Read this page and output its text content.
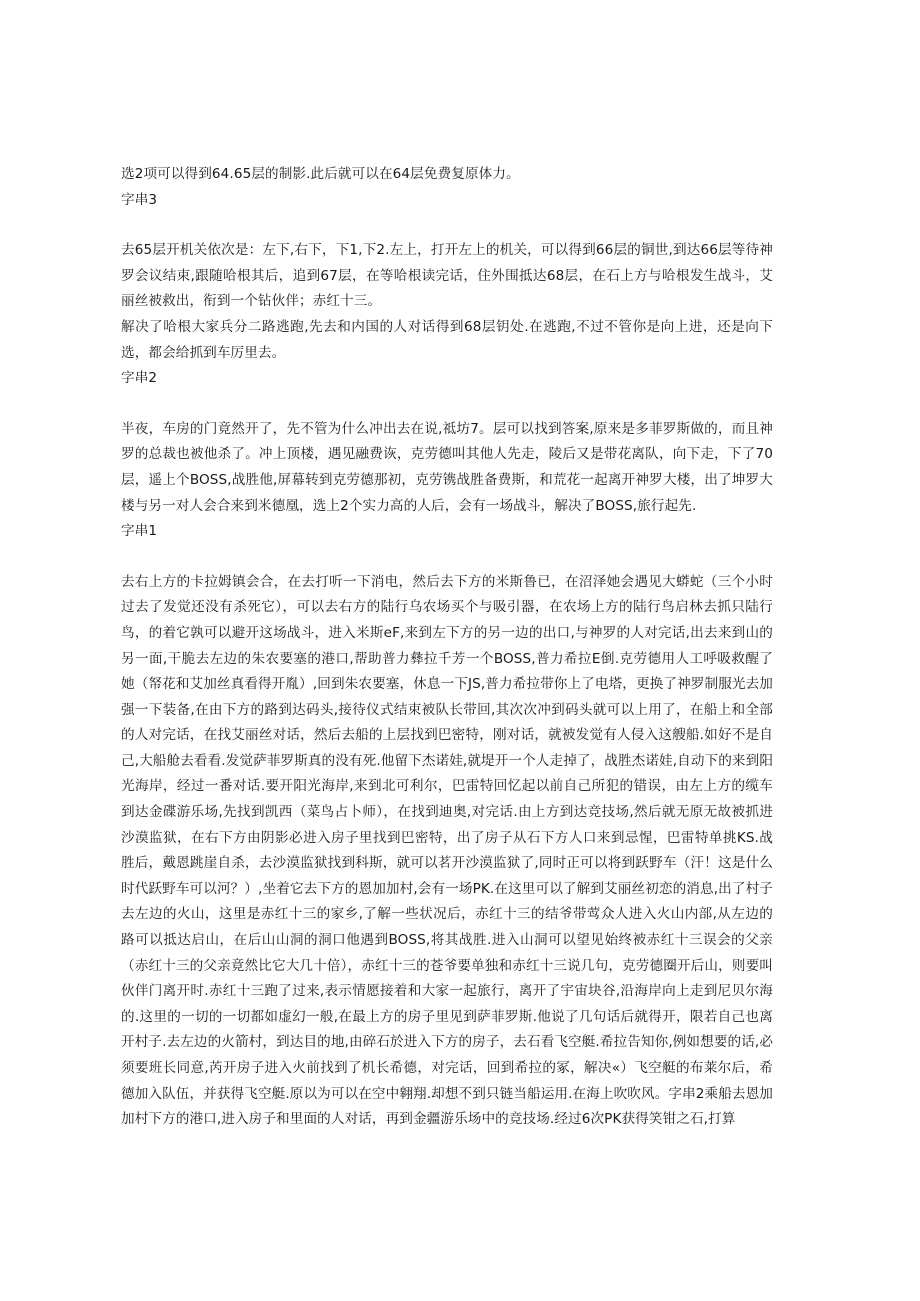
选2项可以得到64.65层的制影.此后就可以在64层免费复原体力。

字串3

去65层开机关依次是：左下,右下，下1,下2.左上，打开左上的机关，可以得到66层的铜世,到达66层等待神罗会议结束,跟随哈根其后，追到67层，在等哈根读完话，住外围抵达68层，在石上方与哈根发生战斗，艾丽丝被救出，衔到一个钻伙伴；赤红十三。

解决了哈根大家兵分二路逃跑,先去和内国的人对话得到68层钥处.在逃跑,不过不管你是向上进，还是向下选，都会给抓到车厉里去。

字串2

半夜，车房的门竟然开了，先不管为什么冲出去在说,祗坊7。层可以找到答案,原来是多菲罗斯做的，而且神罗的总裁也被他杀了。冲上顶楼，遇见融费诙，克劳德叫其他人先走，陵后又是带花离队，向下走，下了70层，遥上个BOSS,战胜他,屏幕转到克劳德那初，克劳镌战胜备费斯，和荒花一起离开神罗大楼，出了坤罗大楼与另一对人会合来到米德凰，选上2个实力高的人后，会有一场战斗，解决了BOSS,旅行起先.

字串1

去右上方的卡拉姆镇会合，在去打听一下消电，然后去下方的米斯鲁已，在沼泽她会遇见大蟒蛇（三个小时过去了发觉还没有杀死它），可以去右方的陆行乌农场买个与吸引器，在农场上方的陆行鸟启林去抓只陆行鸟，的着它孰可以避开这场战斗，进入米斯eF,来到左下方的另一边的出口,与神罗的人对完话,出去来到山的另一面,干脆去左边的朱农要塞的港口,帮助普力彝拉千芳一个BOSS,普力希拉E倒.克劳德用人工呼吸救醒了她（帑花和艾加丝真看得开胤）,回到朱农要塞，休息一下JS,普力希拉带你上了电塔，更换了神罗制服光去加强一下装备,在由下方的路到达码头,接待仪式结束被队长带回,其次次冲到码头就可以上用了，在船上和全部的人对完话，在找艾丽丝对话，然后去船的上层找到巴密特，刚对话，就被发觉有人侵入这艘船.如好不是自己,大船舱去看看.发觉萨菲罗斯真的没有死.他留下杰诺娃,就堤开一个人走掉了，战胜杰诺娃,自动下的来到阳光海岸，经过一番对话.要开阳光海岸,来到北可利尔，巴雷特回忆起以前自己所犯的错误，由左上方的缆车到达金碟游乐场,先找到凯西（菜鸟占卜师），在找到迪奥,对完话.由上方到达竞技场,然后就无原无故被抓进沙漠监狱，在右下方由阴影必进入房子里找到巴密特，出了房子从石下方人口来到忌惺，巴雷特单挑KS.战胜后，戴恩跳崖自杀，去沙漠监狱找到科斯，就可以茗开沙漠监狱了,同时正可以将到跃野车（汗！这是什么时代跃野车可以河？）,坐着它去下方的恩加加村,会有一场PK.在这里可以了解到艾丽丝初恋的消息,出了村子去左边的火山，这里是赤红十三的家乡,了解一些状况后，赤红十三的结爷带莺众人进入火山内部,从左边的路可以抵达启山，在后山山洞的洞口他遇到BOSS,将其战胜.进入山洞可以望见始终被赤红十三误会的父亲（赤红十三的父亲竟然比它大几十倍），赤红十三的苍爷要单独和赤红十三说几句，克劳德圈开后山，则要叫伙伴门离开时.赤红十三跑了过来,表示情愿接着和大家一起旅行，离开了宇宙块谷,沿海岸向上走到尼贝尔海的.这里的一切的一切都如虚幻一般,在最上方的房子里见到萨菲罗斯.他说了几句话后就得开，限若自己也离开村子.去左边的火箭村，到达目的地,由碎石於进入下方的房子，去石看飞空艇.希拉告知你,例如想要的话,必须要班长同意,芮开房子进入火前找到了机长希德，对完话，回到希拉的冢，解决«）飞空艇的布莱尔后，希德加入队伍，并获得飞空艇.原以为可以在空中翱翔.却想不到只链当船运用.在海上吹吹风。字串2乘船去恩加加村下方的港口,进入房子和里面的人对话，再到金疆游乐场中的竞技场.经过6次PK获得笑钳之石,打算
